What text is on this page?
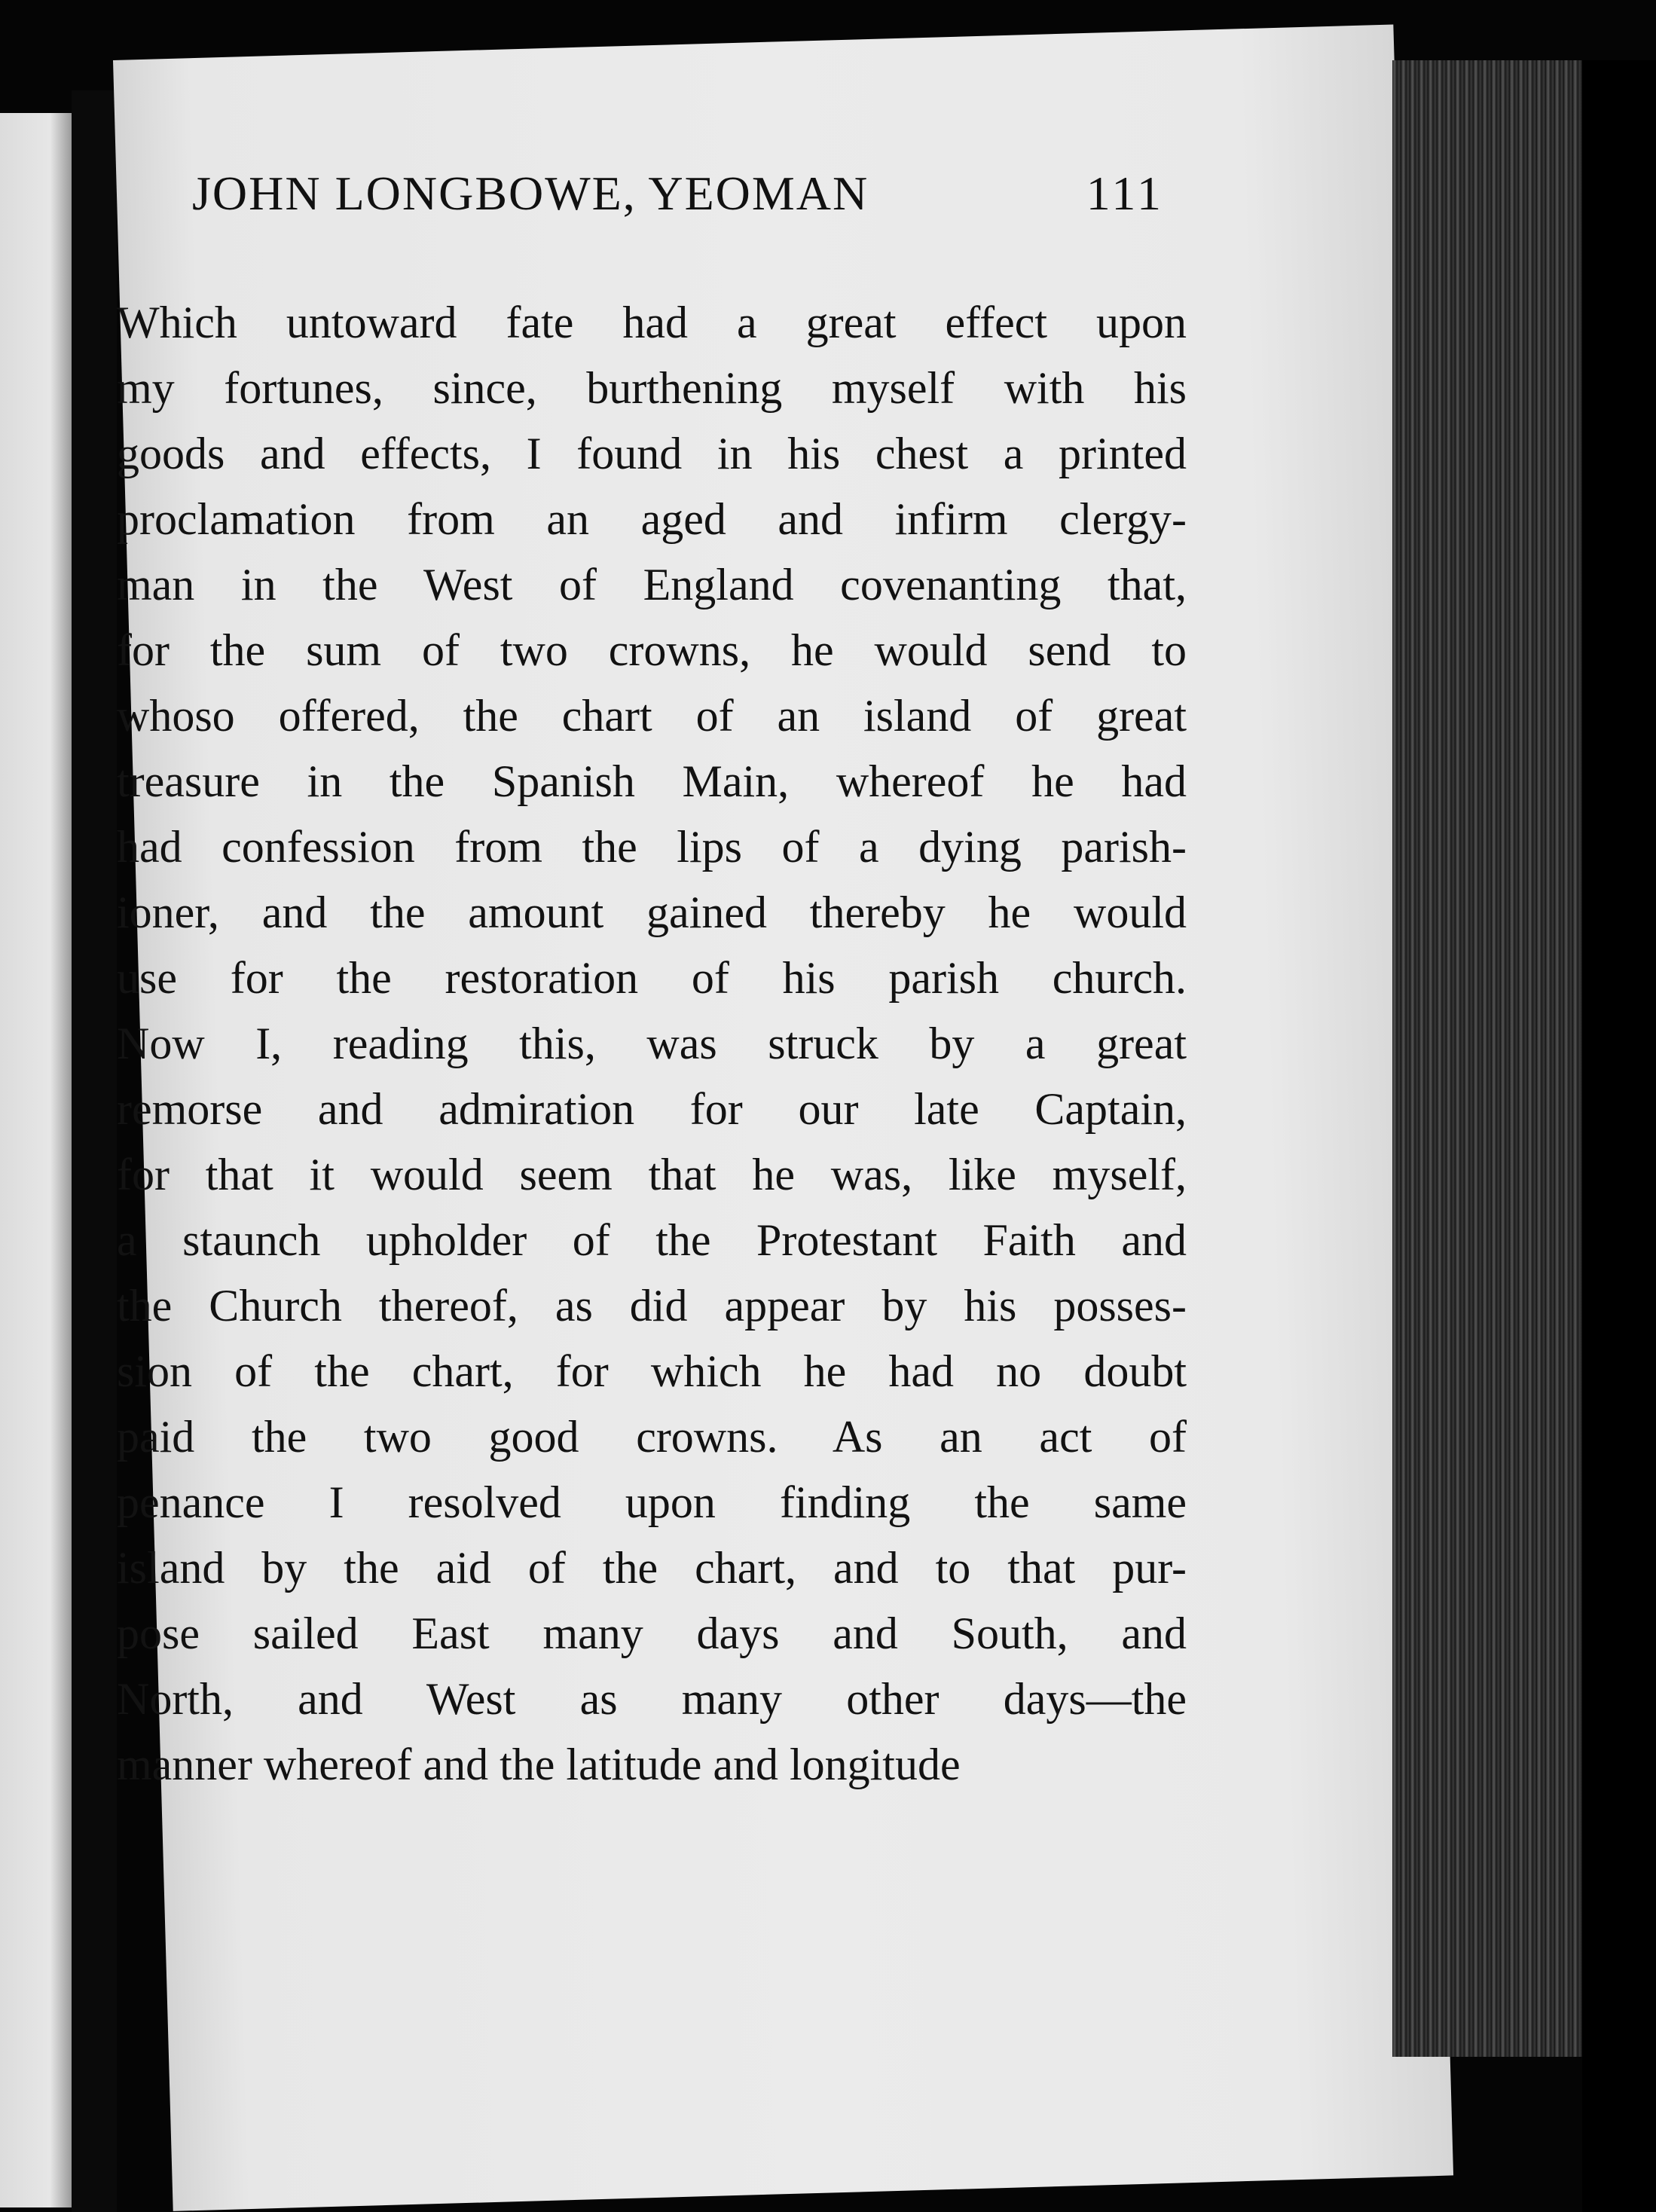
JOHN LONGBOWE, YEOMAN	111
Which untoward fate had a great effect upon
my fortunes, since, burthening myself with his
goods and effects, I found in his chest a printed
proclamation from an aged and infirm clergy-
man in the West of England covenanting that,
for the sum of two crowns, he would send to
whoso offered, the chart of an island of great
treasure in the Spanish Main, whereof he had
had confession from the lips of a dying parish-
ioner, and the amount gained thereby he would
use for the restoration of his parish church.
Now I, reading this, was struck by a great
remorse and admiration for our late Captain,
for that it would seem that he was, like myself,
a staunch upholder of the Protestant Faith and
the Church thereof, as did appear by his posses-
sion of the chart, for which he had no doubt
paid the two good crowns. As an act of
penance I resolved upon finding the same
island by the aid of the chart, and to that pur-
pose sailed East many days and South, and
North, and West as many other days—the
manner whereof and the latitude and longitude
